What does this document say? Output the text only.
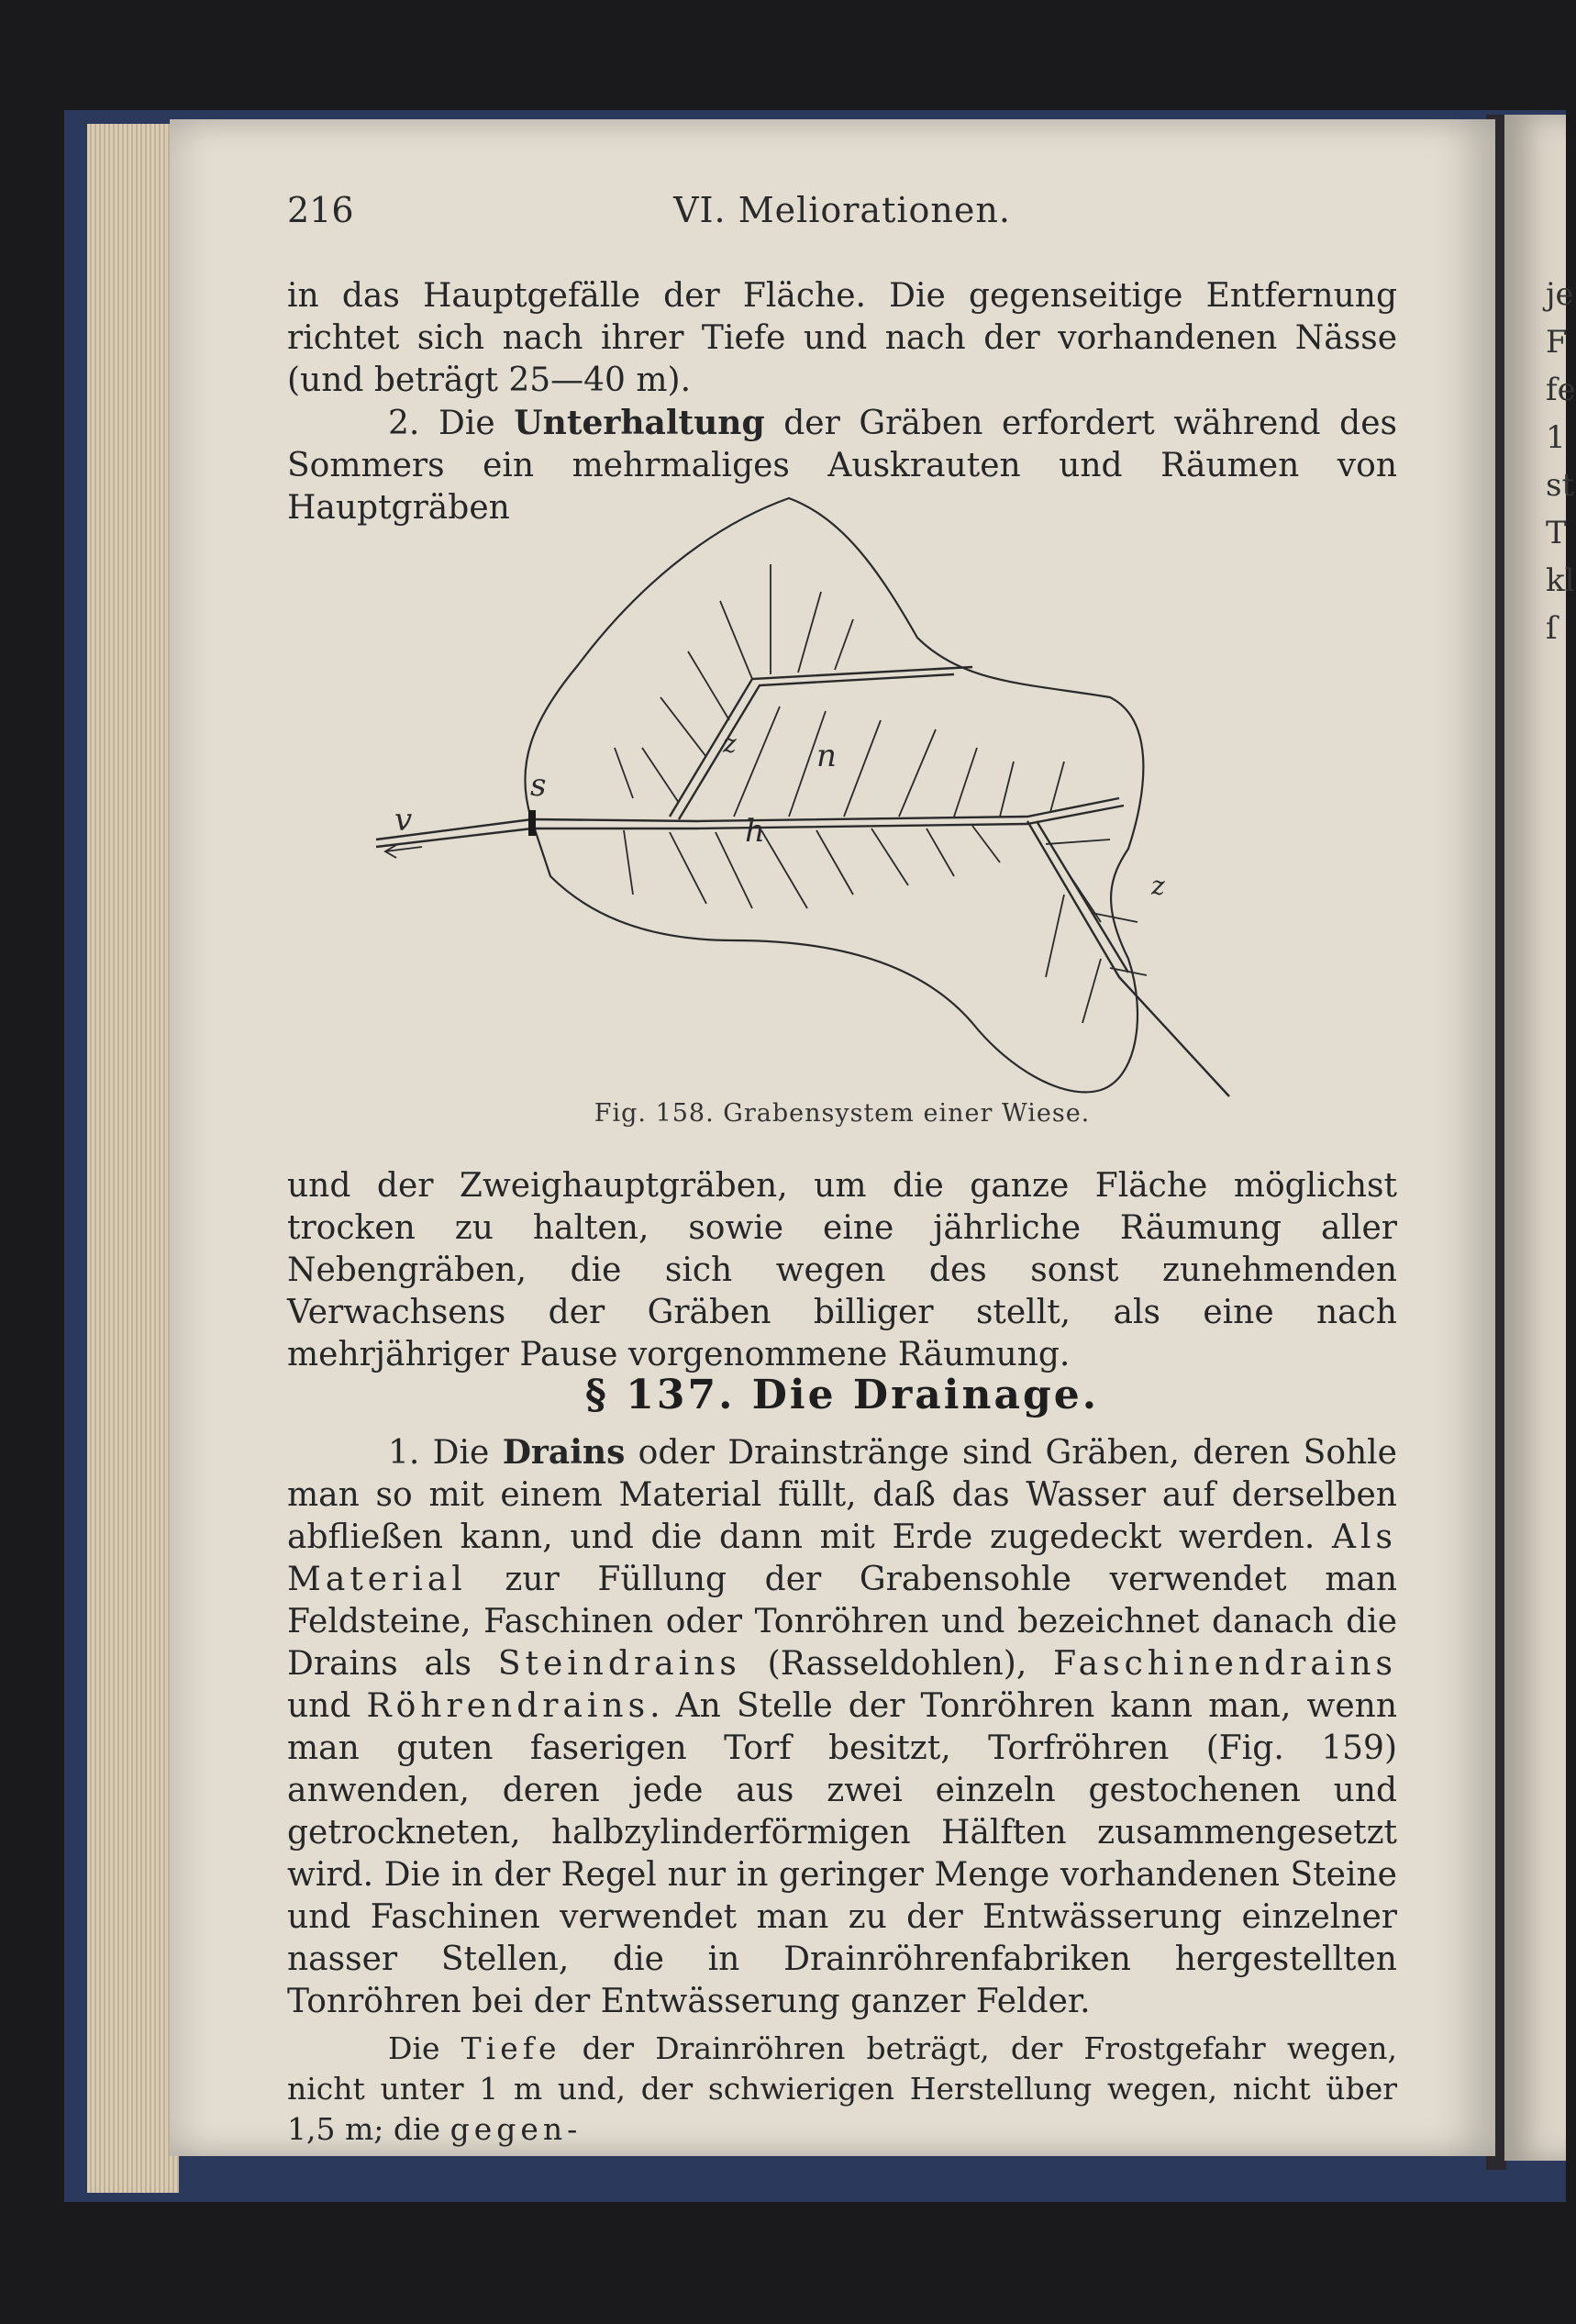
je
F
fe
1
st
T
kl
ſ
216	VI. Meliorationen.

in das Hauptgefälle der Fläche. Die gegenseitige Entfernung richtet sich nach ihrer Tiefe und nach der vorhandenen Nässe (und beträgt 25—40 m).

2. Die Unterhaltung der Gräben erfordert während des Sommers ein mehrmaliges Auskrauten und Räumen von Hauptgräben

v
s
h
n
z
z
Fig. 158. Grabensystem einer Wiese.

und der Zweighauptgräben, um die ganze Fläche möglichst trocken zu halten, sowie eine jährliche Räumung aller Nebengräben, die sich wegen des sonst zunehmenden Verwachsens der Gräben billiger stellt, als eine nach mehrjähriger Pause vorgenommene Räumung.

§ 137. Die Drainage.

1. Die Drains oder Drainstränge sind Gräben, deren Sohle man so mit einem Material füllt, daß das Wasser auf derselben abfließen kann, und die dann mit Erde zugedeckt werden. Als Material zur Füllung der Grabensohle verwendet man Feldsteine, Faschinen oder Tonröhren und bezeichnet danach die Drains als Steindrains (Rasseldohlen), Faschinendrains und Röhrendrains. An Stelle der Tonröhren kann man, wenn man guten faserigen Torf besitzt, Torfröhren (Fig. 159) anwenden, deren jede aus zwei einzeln gestochenen und getrockneten, halbzylinderförmigen Hälften zusammengesetzt wird. Die in der Regel nur in geringer Menge vorhandenen Steine und Faschinen verwendet man zu der Entwässerung einzelner nasser Stellen, die in Drainröhrenfabriken hergestellten Tonröhren bei der Entwässerung ganzer Felder.

Die Tiefe der Drainröhren beträgt, der Frostgefahr wegen, nicht unter 1 m und, der schwierigen Herstellung wegen, nicht über 1,5 m; die gegen-
